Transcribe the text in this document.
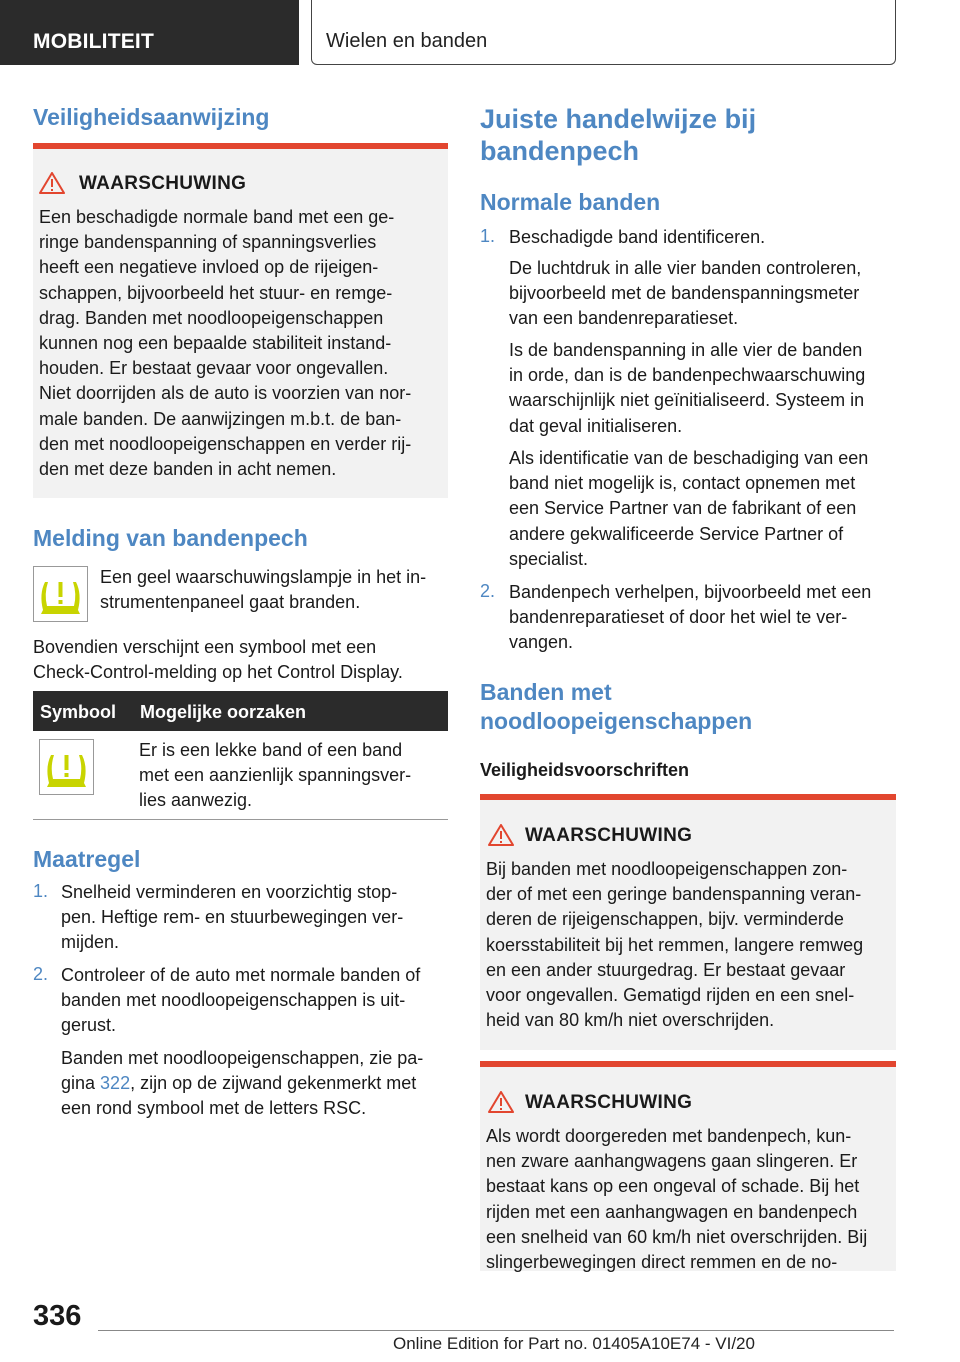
MOBILITEIT	Wielen en banden
Veiligheidsaanwijzing
WAARSCHUWING
Een beschadigde normale band met een ge-
ringe bandenspanning of spanningsverlies
heeft een negatieve invloed op de rijeigen-
schappen, bijvoorbeeld het stuur- en remge-
drag. Banden met noodloopeigenschappen
kunnen nog een bepaalde stabiliteit instand-
houden. Er bestaat gevaar voor ongevallen.
Niet doorrijden als de auto is voorzien van nor-
male banden. De aanwijzingen m.b.t. de ban-
den met noodloopeigenschappen en verder rij-
den met deze banden in acht nemen.
Melding van bandenpech
Een geel waarschuwingslampje in het in-
strumentenpaneel gaat branden.
Bovendien verschijnt een symbool met een
Check-Control-melding op het Control Display.
Symbool Mogelijke oorzaken
Er is een lekke band of een band
met een aanzienlijk spanningsver-
lies aanwezig.
Maatregel
1. Snelheid verminderen en voorzichtig stop-
pen. Heftige rem- en stuurbewegingen ver-
mijden.
2. Controleer of de auto met normale banden of
banden met noodloopeigenschappen is uit-
gerust.
Banden met noodloopeigenschappen, zie pa-
gina 322, zijn op de zijwand gekenmerkt met
een rond symbool met de letters RSC.
Juiste handelwijze bij
bandenpech
Normale banden
1. Beschadigde band identificeren.
De luchtdruk in alle vier banden controleren,
bijvoorbeeld met de bandenspanningsmeter
van een bandenreparatieset.
Is de bandenspanning in alle vier de banden
in orde, dan is de bandenpechwaarschuwing
waarschijnlijk niet geïnitialiseerd. Systeem in
dat geval initialiseren.
Als identificatie van de beschadiging van een
band niet mogelijk is, contact opnemen met
een Service Partner van de fabrikant of een
andere gekwalificeerde Service Partner of
specialist.
2. Bandenpech verhelpen, bijvoorbeeld met een
bandenreparatieset of door het wiel te ver-
vangen.
Banden met
noodloopeigenschappen
Veiligheidsvoorschriften
WAARSCHUWING
Bij banden met noodloopeigenschappen zon-
der of met een geringe bandenspanning veran-
deren de rijeigenschappen, bijv. verminderde
koersstabiliteit bij het remmen, langere remweg
en een ander stuurgedrag. Er bestaat gevaar
voor ongevallen. Gematigd rijden en een snel-
heid van 80 km/h niet overschrijden.
WAARSCHUWING
Als wordt doorgereden met bandenpech, kun-
nen zware aanhangwagens gaan slingeren. Er
bestaat kans op een ongeval of schade. Bij het
rijden met een aanhangwagen en bandenpech
een snelheid van 60 km/h niet overschrijden. Bij
slingerbewegingen direct remmen en de no-
336
Online Edition for Part no. 01405A10E74 - VI/20
